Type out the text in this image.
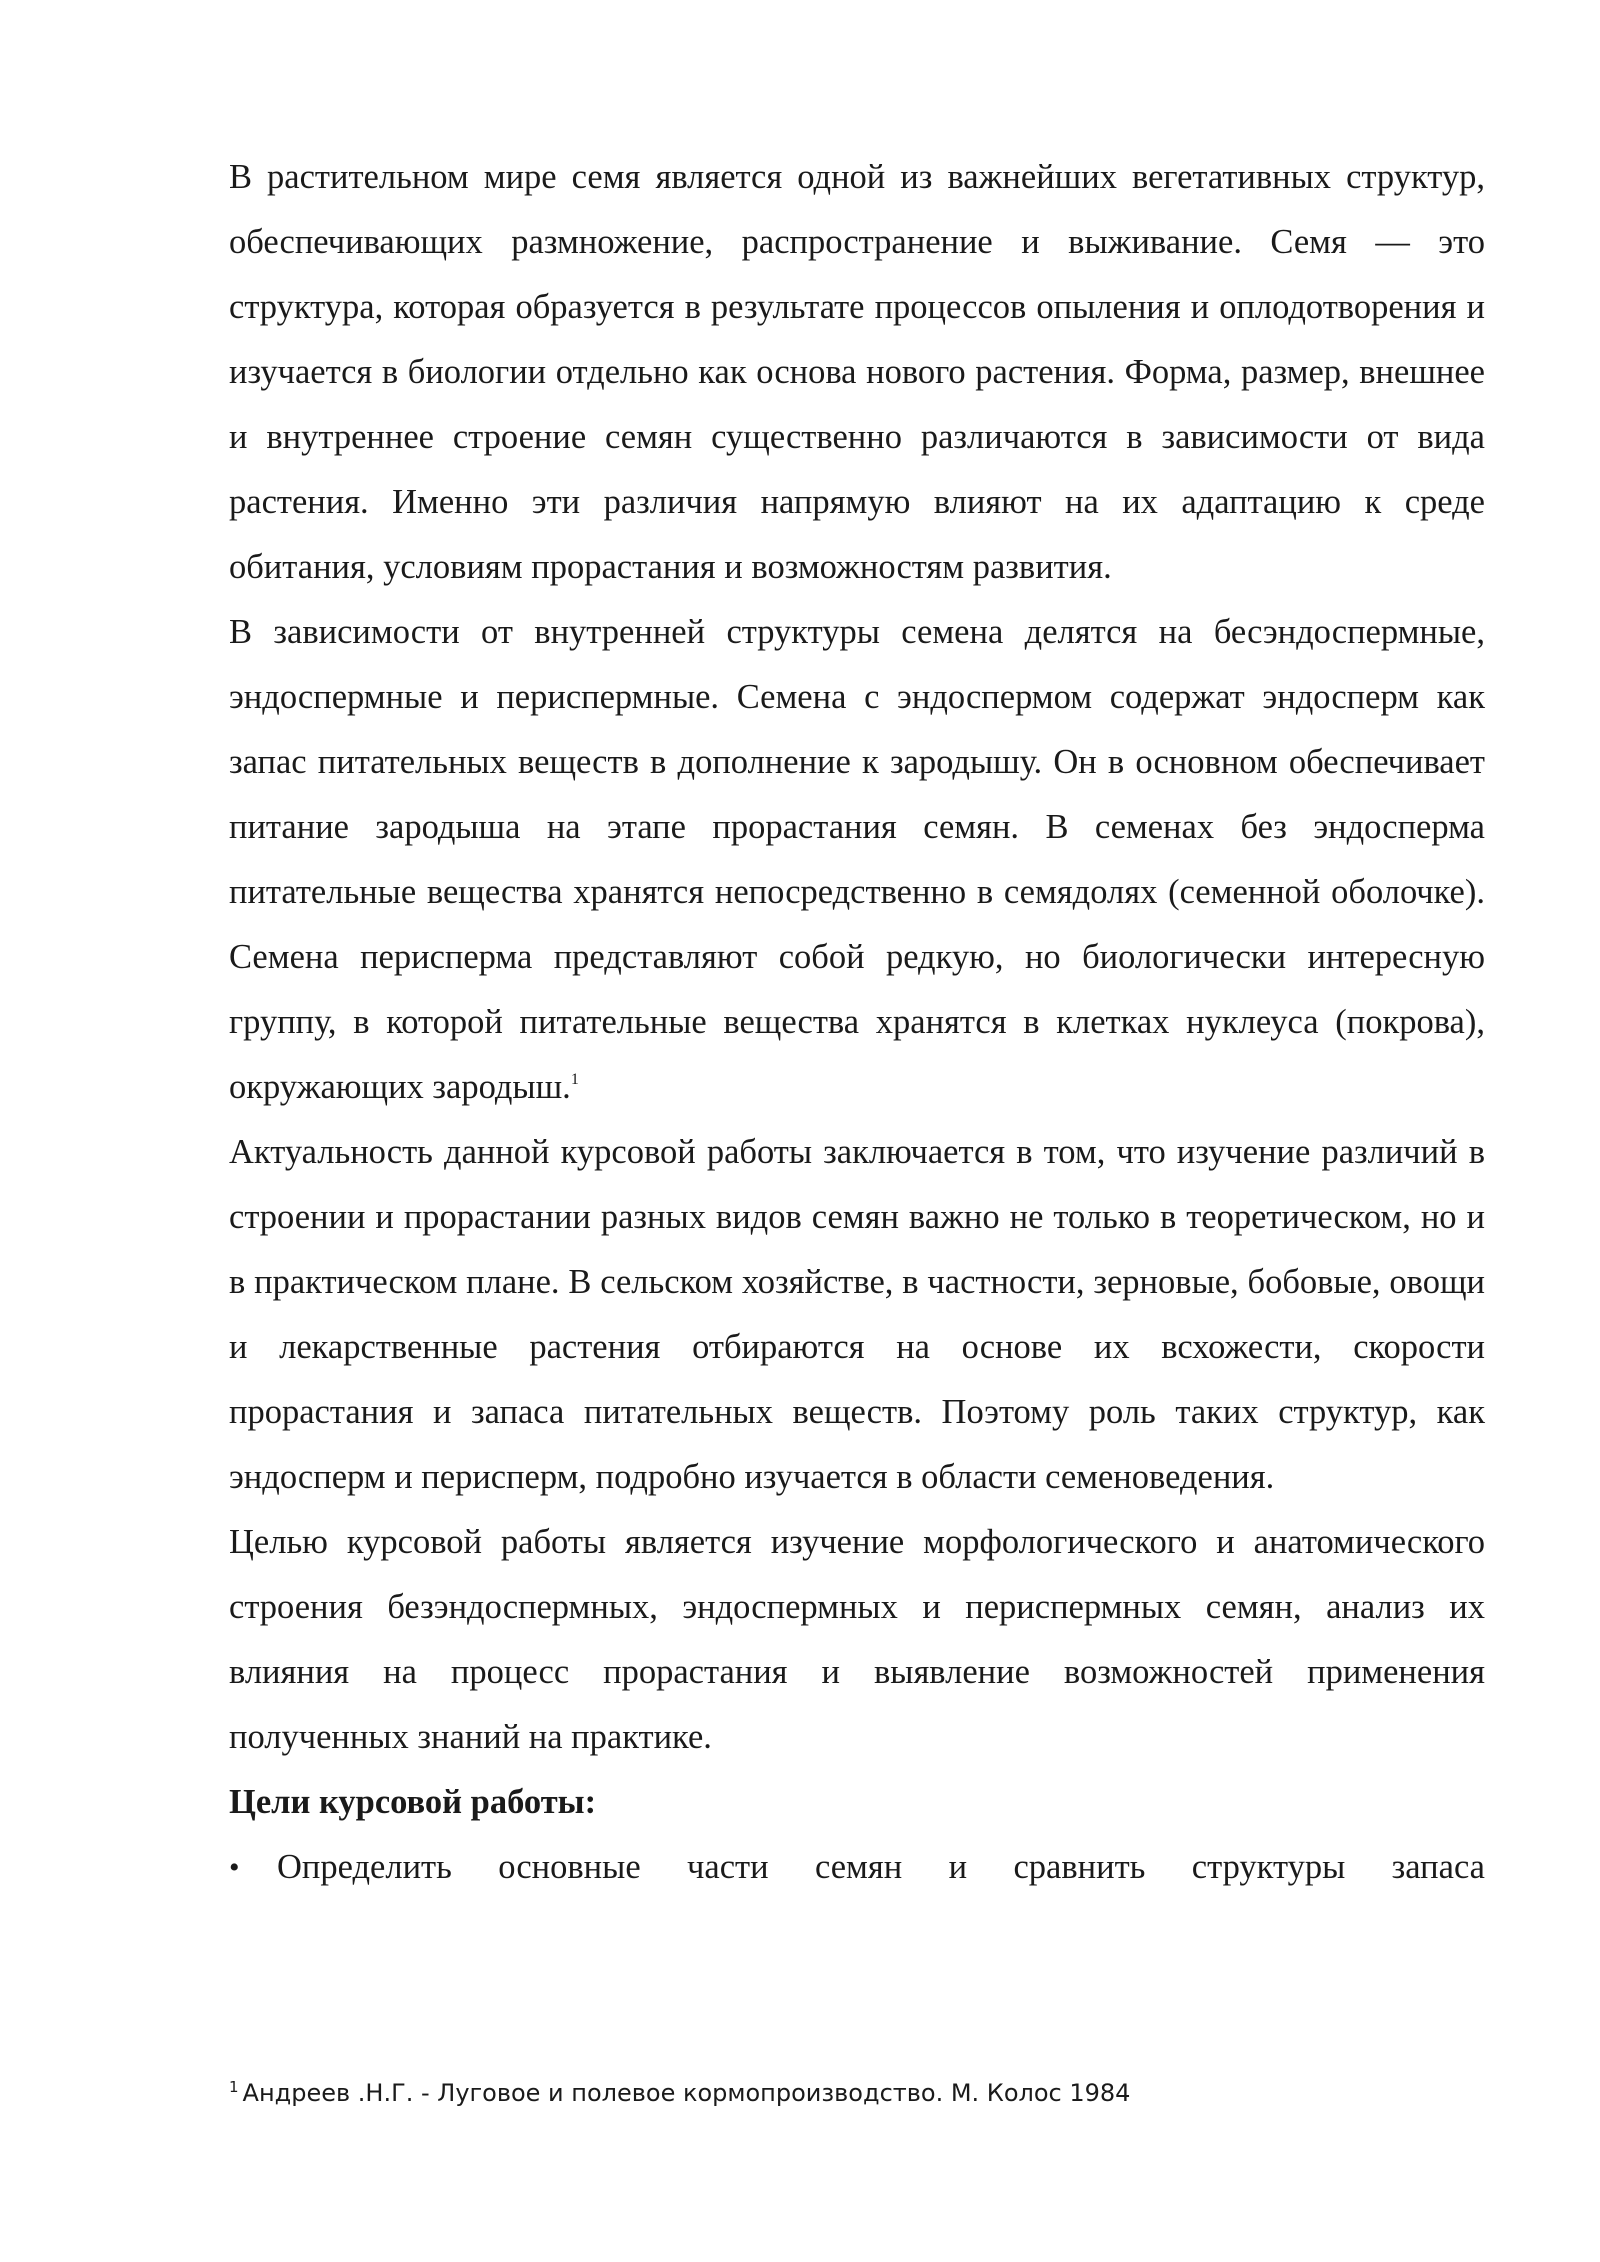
В растительном мире семя является одной из важнейших вегетативных структур, обеспечивающих размножение, распространение и выживание. Семя — это структура, которая образуется в результате процессов опыления и оплодотворения и изучается в биологии отдельно как основа нового растения. Форма, размер, внешнее и внутреннее строение семян существенно различаются в зависимости от вида растения. Именно эти различия напрямую влияют на их адаптацию к среде обитания, условиям прорастания и возможностям развития.

В зависимости от внутренней структуры семена делятся на бесэндоспермные, эндоспермные и периспермные. Семена с эндоспермом содержат эндосперм как запас питательных веществ в дополнение к зародышу. Он в основном обеспечивает питание зародыша на этапе прорастания семян. В семенах без эндосперма питательные вещества хранятся непосредственно в семядолях (семенной оболочке). Семена перисперма представляют собой редкую, но биологически интересную группу, в которой питательные вещества хранятся в клетках нуклеуса (покрова), окружающих зародыш.$^1$

Актуальность данной курсовой работы заключается в том, что изучение различий в строении и прорастании разных видов семян важно не только в теоретическом, но и в практическом плане. В сельском хозяйстве, в частности, зерновые, бобовые, овощи и лекарственные растения отбираются на основе их всхожести, скорости прорастания и запаса питательных веществ. Поэтому роль таких структур, как эндосперм и перисперм, подробно изучается в области семеноведения.

Целью курсовой работы является изучение морфологического и анатомического строения безэндоспермных, эндоспермных и периспермных семян, анализ их влияния на процесс прорастания и выявление возможностей применения полученных знаний на практике.

Цели курсовой работы:

•	Определить основные части семян и сравнить структуры запаса
$^1$ Андреев .Н.Г. - Луговое и полевое кормопроизводство. М. Колос 1984
